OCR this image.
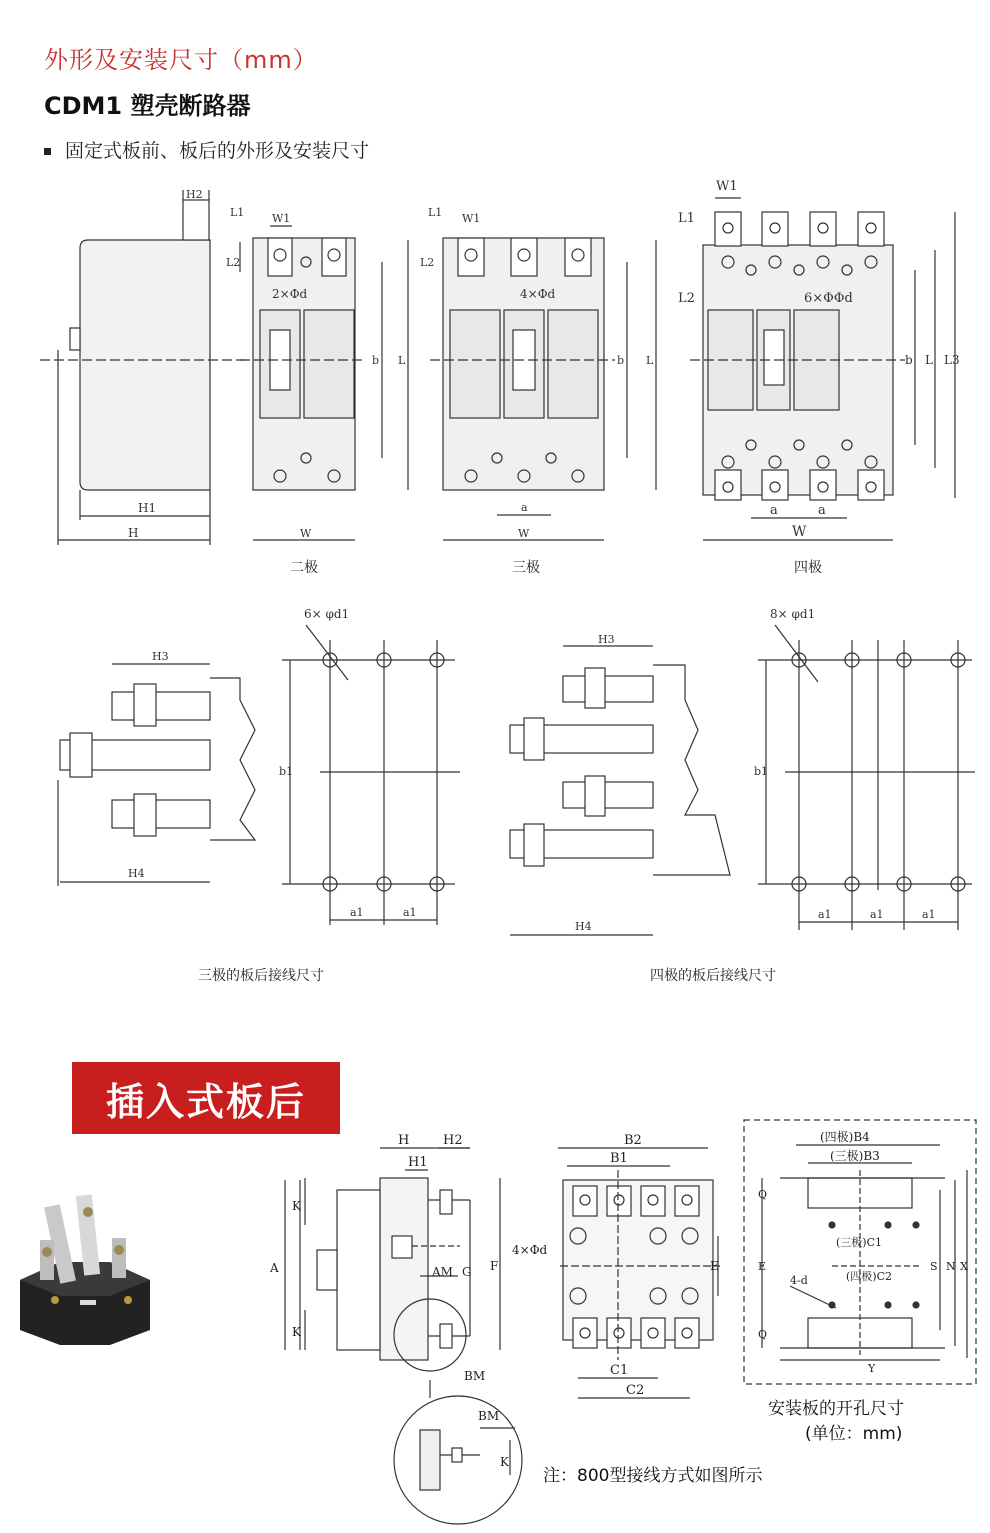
外形及安装尺寸（mm）
CDM1 塑壳断路器
固定式板前、板后的外形及安装尺寸
H2
H1
H
L1
L2
W1
2×Φd
b L
W
二极
L1
L2
W1
4×Φd
b L
a
W
三极
L1
L2
W1
6×ΦΦd
b L L3
a	a
W
四极
H3
H4
6× φd1
b1
a1	a1
三极的板后接线尺寸
H3
H4
8× φd1
b1
a1	a1	a1
四极的板后接线尺寸
H
H1
H2
K
A
K
G F
AM
BM
BM
K
B2
B1
4×Φd
E
C1
C2
(四极)B4
(三极)B3
(三极)C1
(四极)C2
4-d
Q
Q
E	S N X
Y
插入式板后
安装板的开孔尺寸
(单位：mm)
注：800型接线方式如图所示
